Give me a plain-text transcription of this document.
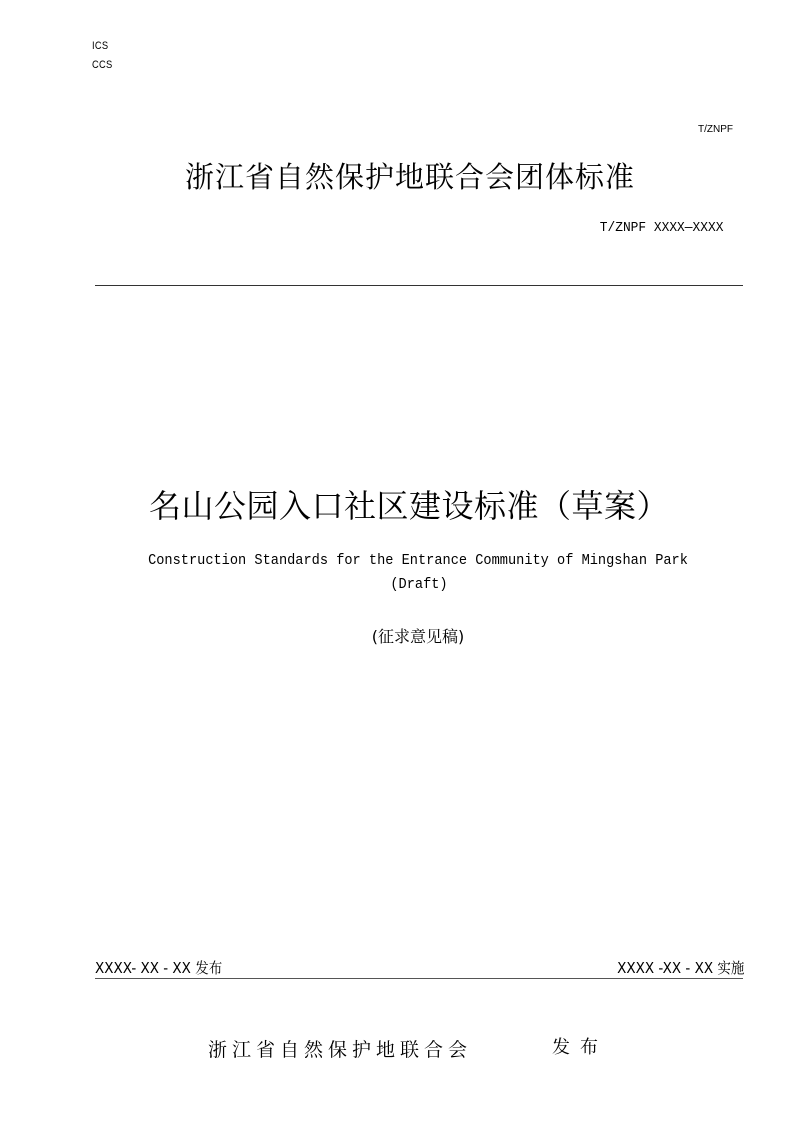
ICS
CCS
T/ZNPF
浙江省自然保护地联合会团体标准
T/ZNPF XXXX—XXXX
名山公园入口社区建设标准（草案）
Construction Standards for the Entrance Community of Mingshan Park
(Draft)
(征求意见稿)
XXXX- XX - XX 发布	XXXX -XX - XX 实施
浙江省自然保护地联合会	发布
